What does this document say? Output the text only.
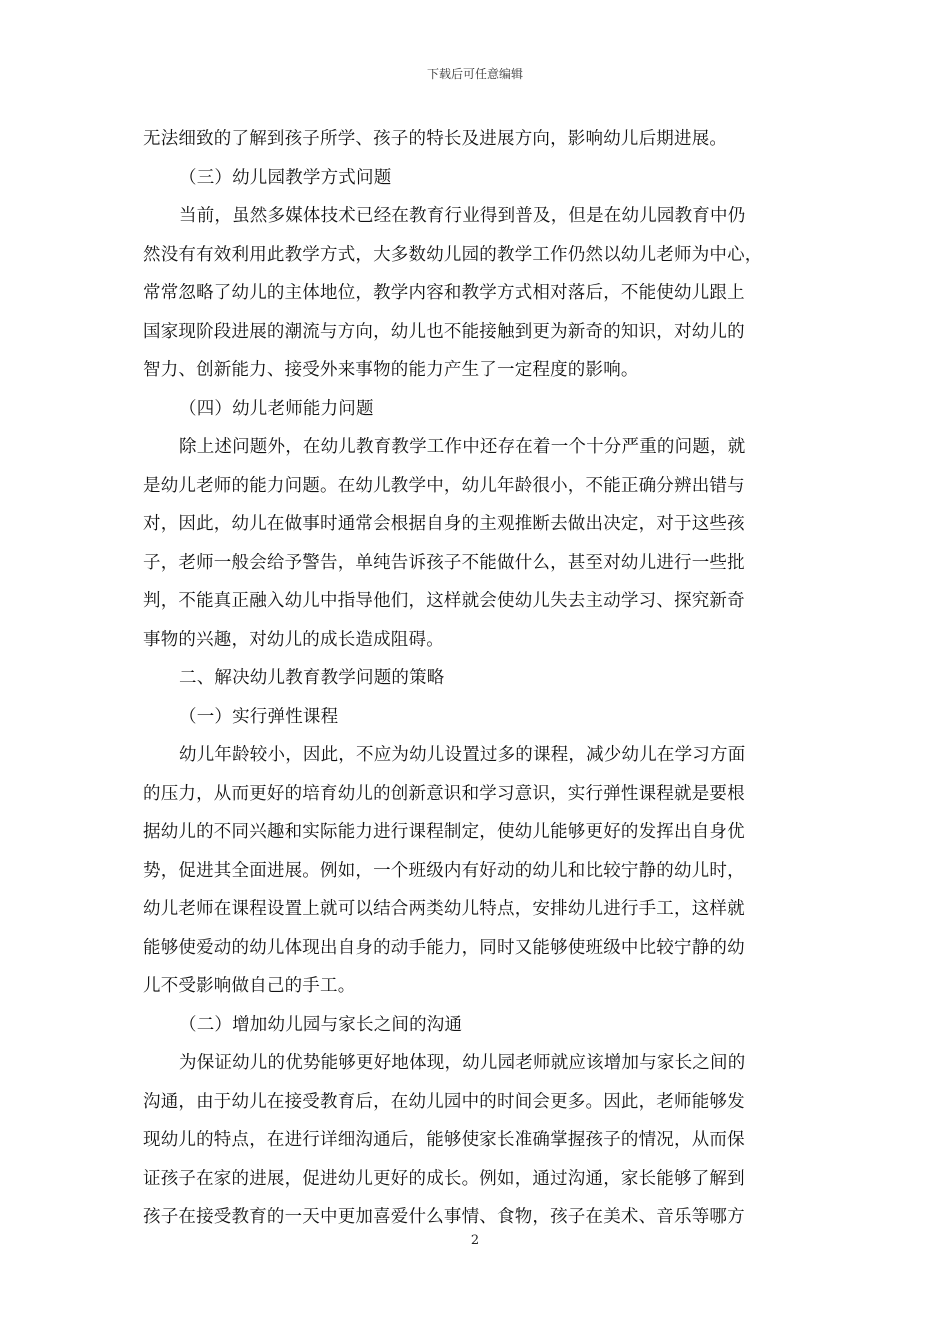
下载后可任意编辑

无法细致的了解到孩子所学、孩子的特长及进展方向，影响幼儿后期进展。

（三）幼儿园教学方式问题

当前，虽然多媒体技术已经在教育行业得到普及，但是在幼儿园教育中仍

然没有有效利用此教学方式，大多数幼儿园的教学工作仍然以幼儿老师为中心，

常常忽略了幼儿的主体地位，教学内容和教学方式相对落后，不能使幼儿跟上

国家现阶段进展的潮流与方向，幼儿也不能接触到更为新奇的知识，对幼儿的

智力、创新能力、接受外来事物的能力产生了一定程度的影响。

（四）幼儿老师能力问题

除上述问题外，在幼儿教育教学工作中还存在着一个十分严重的问题，就

是幼儿老师的能力问题。在幼儿教学中，幼儿年龄很小，不能正确分辨出错与

对，因此，幼儿在做事时通常会根据自身的主观推断去做出决定，对于这些孩

子，老师一般会给予警告，单纯告诉孩子不能做什么，甚至对幼儿进行一些批

判，不能真正融入幼儿中指导他们，这样就会使幼儿失去主动学习、探究新奇

事物的兴趣，对幼儿的成长造成阻碍。

二、解决幼儿教育教学问题的策略

（一）实行弹性课程

幼儿年龄较小，因此，不应为幼儿设置过多的课程，减少幼儿在学习方面

的压力，从而更好的培育幼儿的创新意识和学习意识，实行弹性课程就是要根

据幼儿的不同兴趣和实际能力进行课程制定，使幼儿能够更好的发挥出自身优

势，促进其全面进展。例如，一个班级内有好动的幼儿和比较宁静的幼儿时，

幼儿老师在课程设置上就可以结合两类幼儿特点，安排幼儿进行手工，这样就

能够使爱动的幼儿体现出自身的动手能力，同时又能够使班级中比较宁静的幼

儿不受影响做自己的手工。

（二）增加幼儿园与家长之间的沟通

为保证幼儿的优势能够更好地体现，幼儿园老师就应该增加与家长之间的

沟通，由于幼儿在接受教育后，在幼儿园中的时间会更多。因此，老师能够发

现幼儿的特点，在进行详细沟通后，能够使家长准确掌握孩子的情况，从而保

证孩子在家的进展，促进幼儿更好的成长。例如，通过沟通，家长能够了解到

孩子在接受教育的一天中更加喜爱什么事情、食物，孩子在美术、音乐等哪方

2
